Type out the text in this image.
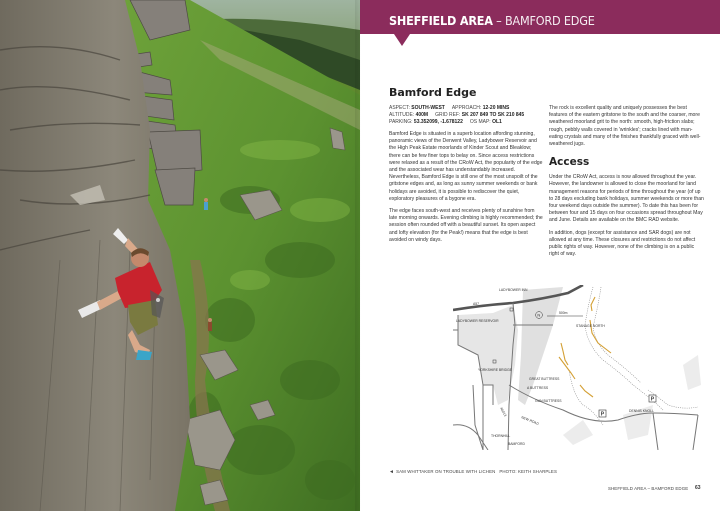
SHEFFIELD AREA – BAMFORD EDGE
Bamford Edge
ASPECT: SOUTH-WEST APPROACH: 12-20 MINS
ALTITUDE: 400M GRID REF: SK 207 849 TO SK 210 845
PARKING: 53.352099, -1.678122 OS MAP: OL1

Bamford Edge is situated in a superb location affording stunning, panoramic views of the Derwent Valley, Ladybower Reservoir and the High Peak Estate moorlands of Kinder Scout and Bleaklow; there can be few finer tops to belay on. Since access restrictions were relaxed as a result of the CRoW Act, the popularity of the edge and the associated wear has understandably increased. Nevertheless, Bamford Edge is still one of the most unspoilt of the gritstone edges and, as long as sunny summer weekends or bank holidays are avoided, it is possible to rediscover the quiet, exploratory pleasures of a bygone era.

The edge faces south-west and receives plenty of sunshine from late morning onwards. Evening climbing is highly recommended; the session often rounded off with a beautiful sunset. Its open aspect and lofty elevation (for the Peak!) means that the edge is best avoided on windy days.

The rock is excellent quality and uniquely possesses the best features of the eastern gritstone to the south and the coarser, more weathered moorland grit to the north: smooth, high-friction slabs; rough, pebbly walls covered in 'wrinkles'; cracks lined with man-eating crystals and many of the finishes thankfully graced with well-weathered jugs.

Access

Under the CRoW Act, access is now allowed throughout the year. However, the landowner is allowed to close the moorland for land management reasons for periods of time throughout the year (of up to 28 days excluding bank holidays, summer weekends or more than four weekend days outside the summer). To date this has been for between four and 15 days on four occasions spread throughout May and June. Details are available on the BMC RAD website.

In addition, dogs (except for assistance and SAR dogs) are not allowed at any time. These closures and restrictions do not affect public rights of way. However, none of the climbing is on a public right of way.

P
P
N	500m
LADYBOWER INN
A57
LADYBOWER RESERVOIR
YORKSHIRE BRIDGE
GREAT BUTTRESS
A BUTTRESS
GUN BUTTRESS
STANAGE NORTH
NEW ROAD
A6013
THORNHILL
BAMFORD
DENNIS KNOLL
◄ SAM WHITTAKER ON TROUBLE WITH LICHEN PHOTO: KEITH SHARPLES
SHEFFIELD AREA – BAMFORD EDGE 63
